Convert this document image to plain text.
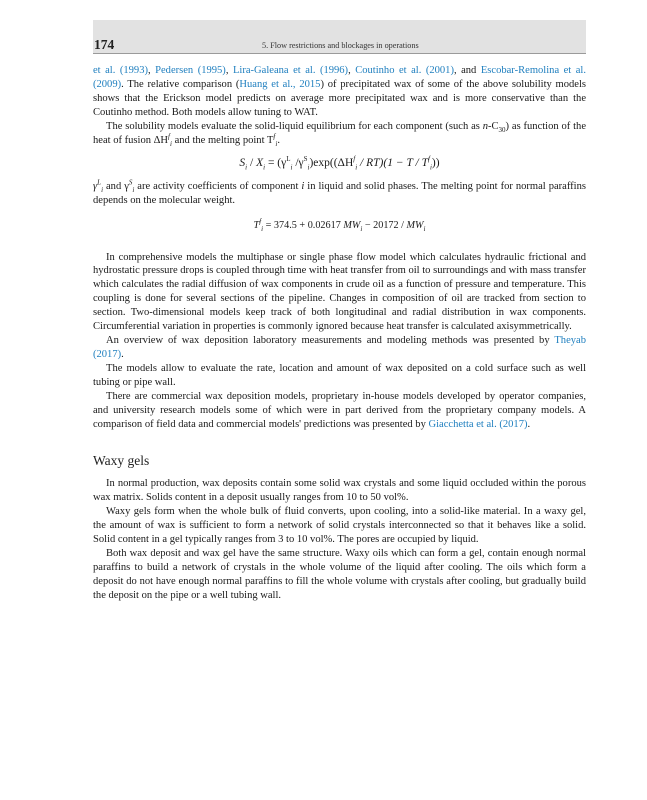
174	5. Flow restrictions and blockages in operations

et al. (1993), Pedersen (1995), Lira-Galeana et al. (1996), Coutinho et al. (2001), and Escobar-Remolina et al. (2009). The relative comparison (Huang et al., 2015) of precipitated wax of some of the above solubility models shows that the Erickson model predicts on average more precipitated wax and is more conservative than the Coutinho method. Both models allow tuning to WAT.

The solubility models evaluate the solid-liquid equilibrium for each component (such as $n-C_{30}$) as function of the heat of fusion $\Delta H^f_i$ and the melting point $T^f_i$.

$S_i / X_i = (\gamma^L_i$ $/\gamma^S_i)\exp((\Delta H^f_i / RT)(1 - T / T^f_i))$

$\gamma^L_i$ and $\gamma^S_i$ are activity coefficients of component i in liquid and solid phases. The melting point for normal paraffins depends on the molecular weight.

$T^f_i = 374.5 + 0.02617$ $MW_i - 20172 / MW_i$

In comprehensive models the multiphase or single phase flow model which calculates hydraulic frictional and hydrostatic pressure drops is coupled through time with heat transfer from oil to surroundings and with mass transfer which calculates the radial diffusion of wax components in crude oil as a function of pressure and temperature. This coupling is done for several sections of the pipeline. Changes in composition of oil are tracked from section to section. Two-dimensional models keep track of both longitudinal and radial distribution in wax components. Circumferential variation in properties is commonly ignored because heat transfer is calculated axisymmetrically.

An overview of wax deposition laboratory measurements and modeling methods was presented by Theyab (2017).

The models allow to evaluate the rate, location and amount of wax deposited on a cold surface such as well tubing or pipe wall.

There are commercial wax deposition models, proprietary in-house models developed by operator companies, and university research models some of which were in part derived from the proprietary company models. A comparison of field data and commercial models' predictions was presented by Giacchetta et al. (2017).

Waxy gels

In normal production, wax deposits contain some solid wax crystals and some liquid occluded within the porous wax matrix. Solids content in a deposit usually ranges from 10 to 50 vol%.

Waxy gels form when the whole bulk of fluid converts, upon cooling, into a solid-like material. In a waxy gel, the amount of wax is sufficient to form a network of solid crystals interconnected so that it behaves like a solid. Solid content in a gel typically ranges from 3 to 10 vol%. The pores are occupied by liquid.

Both wax deposit and wax gel have the same structure. Waxy oils which can form a gel, contain enough normal paraffins to build a network of crystals in the whole volume of the liquid after cooling. The oils which form a deposit do not have enough normal paraffins to fill the whole volume with crystals after cooling, but gradually build the deposit on the pipe or a well tubing wall.
